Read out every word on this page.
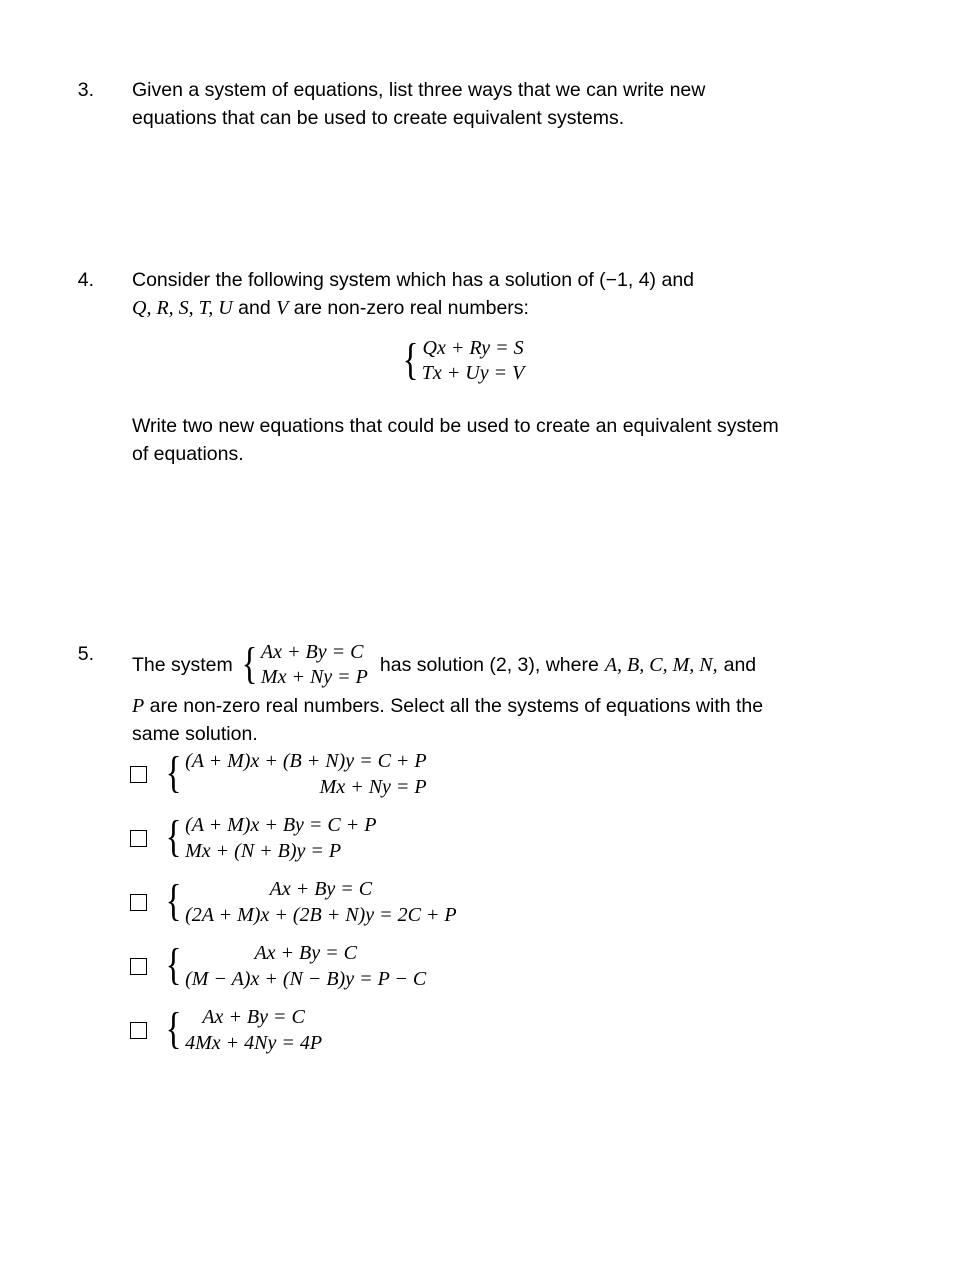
3. Given a system of equations, list three ways that we can write new equations that can be used to create equivalent systems.
4. Consider the following system which has a solution of (−1, 4) and
Q, R, S, T, U and V are non-zero real numbers:
{ Qx + Ry = S
Tx + Uy = V
Write two new equations that could be used to create an equivalent system of equations.
5. The system { Ax + By = C
Mx + Ny = P
has solution (2, 3), where A, B, C, M, N, and
P are non-zero real numbers. Select all the systems of equations with the same solution.
{ (A + M)x + (B + N)y = C + P
Mx + Ny = P
{ (A + M)x + By = C + P
Mx + (N + B)y = P
{	Ax + By = C
(2A + M)x + (2B + N)y = 2C + P
{	Ax + By = C
(M − A)x + (N − B)y = P − C
{	Ax + By = C
4Mx + 4Ny = 4P
